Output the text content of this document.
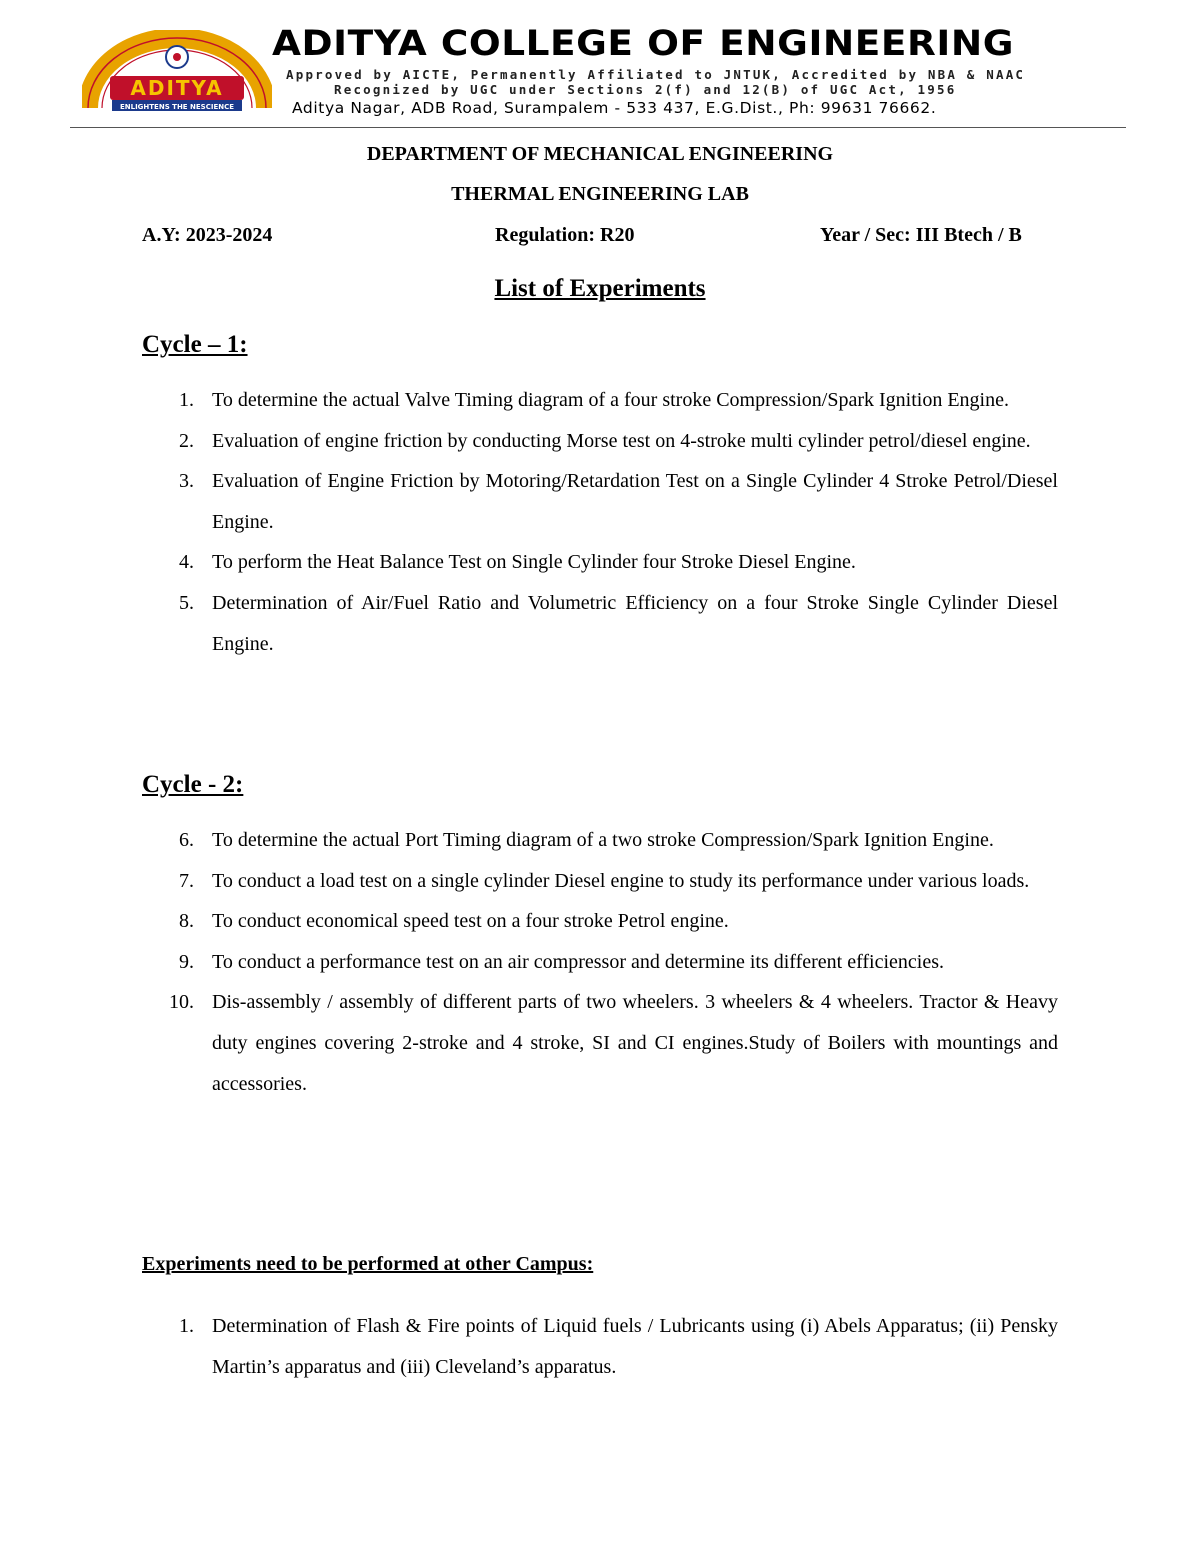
ADITYA
ENLIGHTENS THE NESCIENCE
ADITYA COLLEGE OF ENGINEERING
Approved by AICTE, Permanently Affiliated to JNTUK, Accredited by NBA & NAAC
Recognized by UGC under Sections 2(f) and 12(B) of UGC Act, 1956
Aditya Nagar, ADB Road, Surampalem - 533 437, E.G.Dist., Ph: 99631 76662.
DEPARTMENT OF MECHANICAL ENGINEERING
THERMAL ENGINEERING LAB
A.Y: 2023-2024	Regulation: R20	Year / Sec: III Btech / B
List of Experiments
Cycle – 1:
1. To determine the actual Valve Timing diagram of a four stroke Compression/Spark Ignition Engine.
2. Evaluation of engine friction by conducting Morse test on 4-stroke multi cylinder petrol/diesel engine.
3. Evaluation of Engine Friction by Motoring/Retardation Test on a Single Cylinder 4 Stroke Petrol/Diesel Engine.
4. To perform the Heat Balance Test on Single Cylinder four Stroke Diesel Engine.
5. Determination of Air/Fuel Ratio and Volumetric Efficiency on a four Stroke Single Cylinder Diesel Engine.
Cycle - 2:
6. To determine the actual Port Timing diagram of a two stroke Compression/Spark Ignition Engine.
7. To conduct a load test on a single cylinder Diesel engine to study its performance under various loads.
8. To conduct economical speed test on a four stroke Petrol engine.
9. To conduct a performance test on an air compressor and determine its different efficiencies.
10. Dis-assembly / assembly of different parts of two wheelers. 3 wheelers & 4 wheelers. Tractor & Heavy duty engines covering 2-stroke and 4 stroke, SI and CI engines.Study of Boilers with mountings and accessories.
Experiments need to be performed at other Campus:
1. Determination of Flash & Fire points of Liquid fuels / Lubricants using (i) Abels Apparatus; (ii) Pensky Martin’s apparatus and (iii) Cleveland’s apparatus.
